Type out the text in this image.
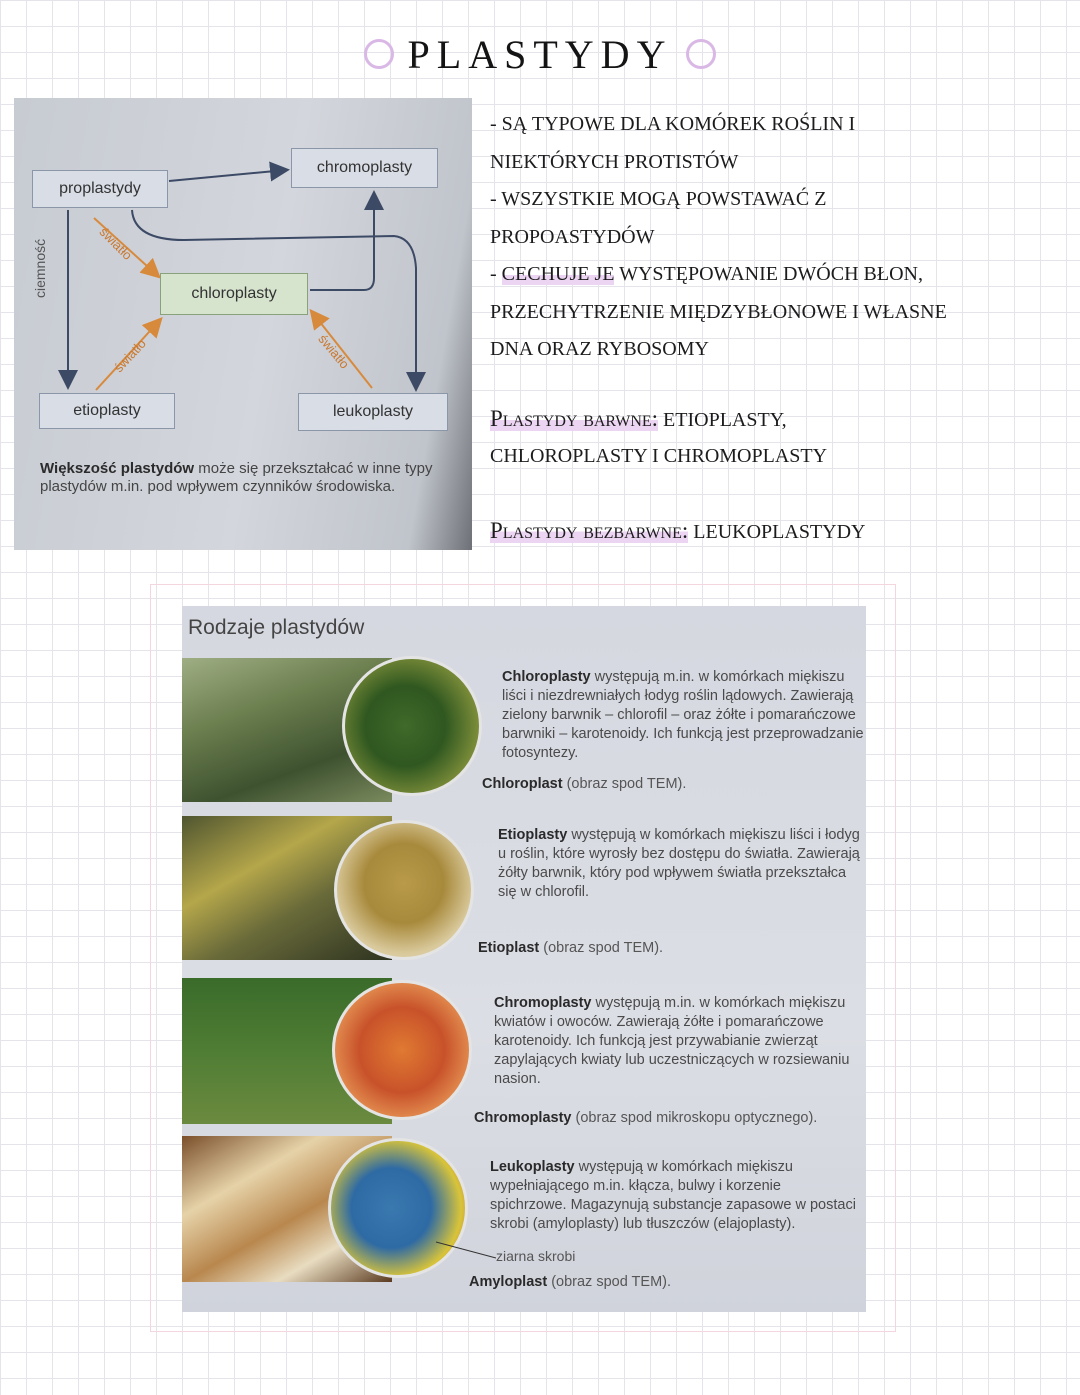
PLASTYDY
proplastydy
chromoplasty
chloroplasty
etioplasty	leukoplasty
ciemność	światło
światło	światło
Większość plastydów może się przekształcać w inne typy plastydów m.in. pod wpływem czynników środowiska.
- SĄ TYPOWE DLA KOMÓREK ROŚLIN I
NIEKTÓRYCH PROTISTÓW
- WSZYSTKIE MOGĄ POWSTAWAĆ Z
PROPOASTYDÓW
- CECHUJE JE WYSTĘPOWANIE DWÓCH BŁON,
PRZECHYTRZENIE MIĘDZYBŁONOWE I WŁASNE
DNA ORAZ RYBOSOMY
Plastydy barwne: ETIOPLASTY,
CHLOROPLASTY I CHROMOPLASTY
Plastydy bezbarwne: LEUKOPLASTYDY
Rodzaje plastydów
Chloroplasty występują m.in. w komórkach miękiszu liści i niezdrewniałych łodyg roślin lądowych. Zawierają zielony barwnik – chlorofil – oraz żółte i pomarańczowe barwniki – karotenoidy. Ich funkcją jest przeprowadzanie fotosyntezy.
Chloroplast (obraz spod TEM).
Etioplasty występują w komórkach miękiszu liści i łodyg u roślin, które wyrosły bez dostępu do światła. Zawierają żółty barwnik, który pod wpływem światła przekształca się w chlorofil.
Etioplast (obraz spod TEM).
Chromoplasty występują m.in. w komórkach miękiszu kwiatów i owoców. Zawierają żółte i pomarańczowe karotenoidy. Ich funkcją jest przywabianie zwierząt zapylających kwiaty lub uczestniczących w rozsiewaniu nasion.
Chromoplasty (obraz spod mikroskopu optycznego).
Leukoplasty występują w komórkach miękiszu wypełniającego m.in. kłącza, bulwy i korzenie spichrzowe. Magazynują substancje zapasowe w postaci skrobi (amyloplasty) lub tłuszczów (elajoplasty).
ziarna skrobi
Amyloplast (obraz spod TEM).
